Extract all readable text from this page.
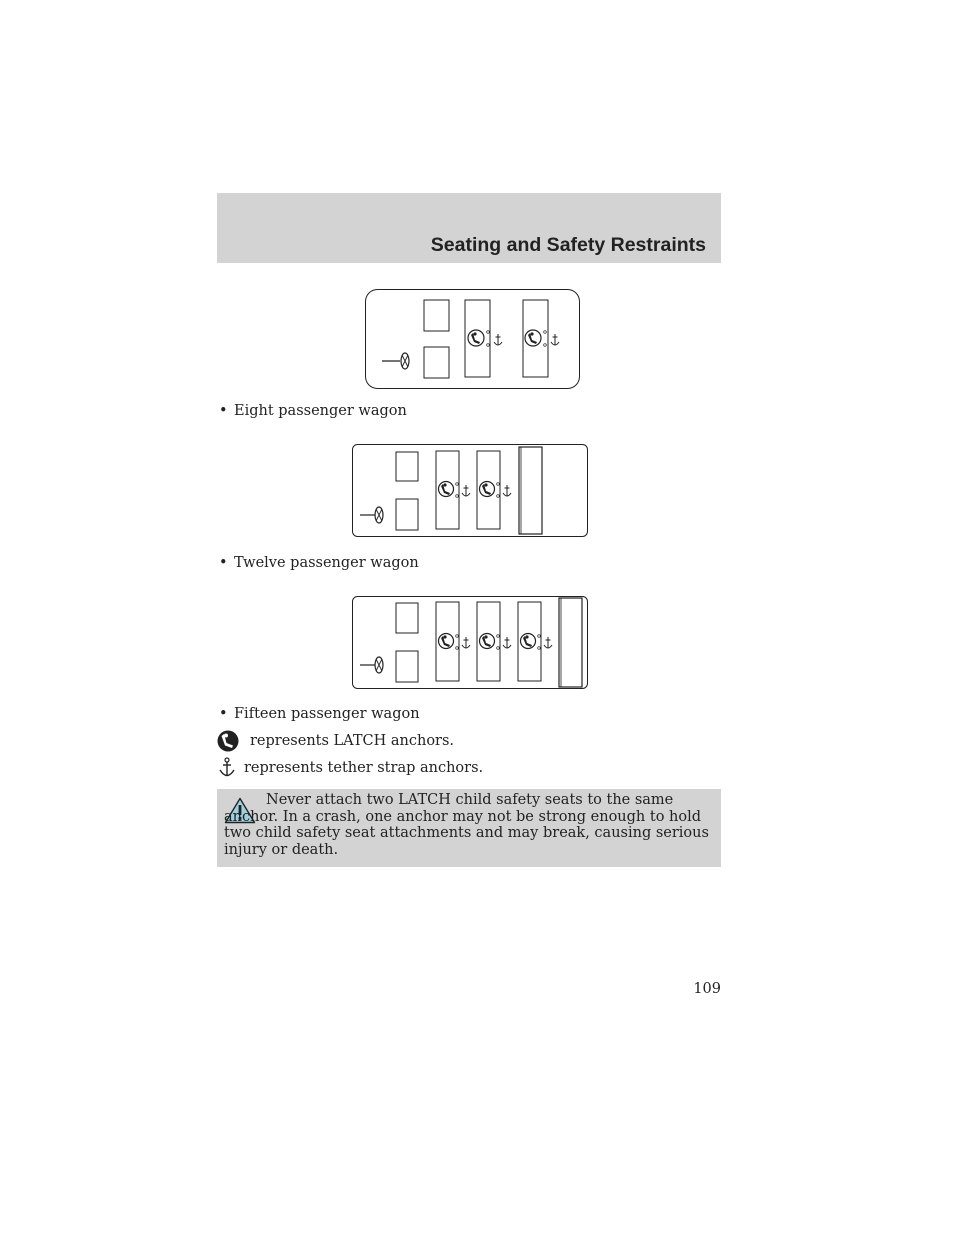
Seating and Safety Restraints
• Eight passenger wagon
• Twelve passenger wagon
• Fifteen passenger wagon
represents LATCH anchors.
represents tether strap anchors.

Never attach two LATCH child safety seats to the same anchor. In a crash, one anchor may not be strong enough to hold two child safety seat attachments and may break, causing serious injury or death.

109
